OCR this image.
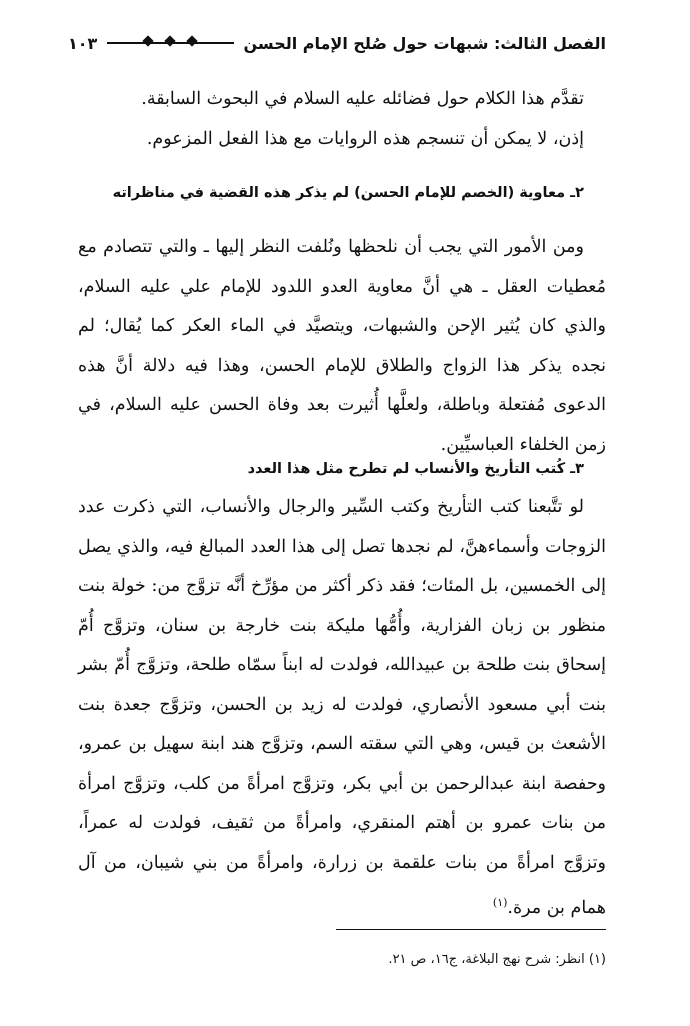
الفصل الثالث: شبهات حول صُلح الإمام الحسن
١٠٣

تقدَّم هذا الكلام حول فضائله عليه السلام في البحوث السابقة.

إذن، لا يمكن أن تنسجم هذه الروايات مع هذا الفعل المزعوم.

٢ـ معاوية (الخصم للإمام الحسن) لم يذكر هذه القضية في مناظراته

ومن الأمور التي يجب أن نلحظها ونُلفت النظر إليها ـ والتي تتصادم مع مُعطيات العقل ـ هي أنَّ معاوية العدو اللدود للإمام علي عليه السلام، والذي كان يُثير الإحن والشبهات، ويتصيَّد في الماء العكر كما يُقال؛ لم نجده يذكر هذا الزواج والطلاق للإمام الحسن، وهذا فيه دلالة أنَّ هذه الدعوى مُفتعلة وباطلة، ولعلَّها أُثيرت بعد وفاة الحسن عليه السلام، في زمن الخلفاء العباسيِّين.

٣ـ كُتب التأريخ والأنساب لم تطرح مثل هذا العدد

لو تتَّبعنا كتب التأريخ وكتب السِّير والرجال والأنساب، التي ذكرت عدد الزوجات وأسماءهنَّ، لم نجدها تصل إلى هذا العدد المبالغ فيه، والذي يصل إلى الخمسين، بل المئات؛ فقد ذكر أكثر من مؤرِّخ أنَّه تزوَّج من: خولة بنت منظور بن زبان الفزارية، وأُمُّها مليكة بنت خارجة بن سنان، وتزوَّج أُمّ إسحاق بنت طلحة بن عبيدالله، فولدت له ابناً سمّاه طلحة، وتزوَّج أُمّ بشر بنت أبي مسعود الأنصاري، فولدت له زيد بن الحسن، وتزوَّج جعدة بنت الأشعث بن قيس، وهي التي سقته السم، وتزوَّج هند ابنة سهيل بن عمرو، وحفصة ابنة عبدالرحمن بن أبي بكر، وتزوَّج امرأةً من كلب، وتزوَّج امرأة من بنات عمرو بن أهتم المنقري، وامرأةً من ثقيف، فولدت له عمراً، وتزوَّج امرأةً من بنات علقمة بن زرارة، وامرأةً من بني شيبان، من آل همام بن مرة.$^{(١)}$

(١) انظر: شرح نهج البلاغة، ج١٦، ص ٢١.
